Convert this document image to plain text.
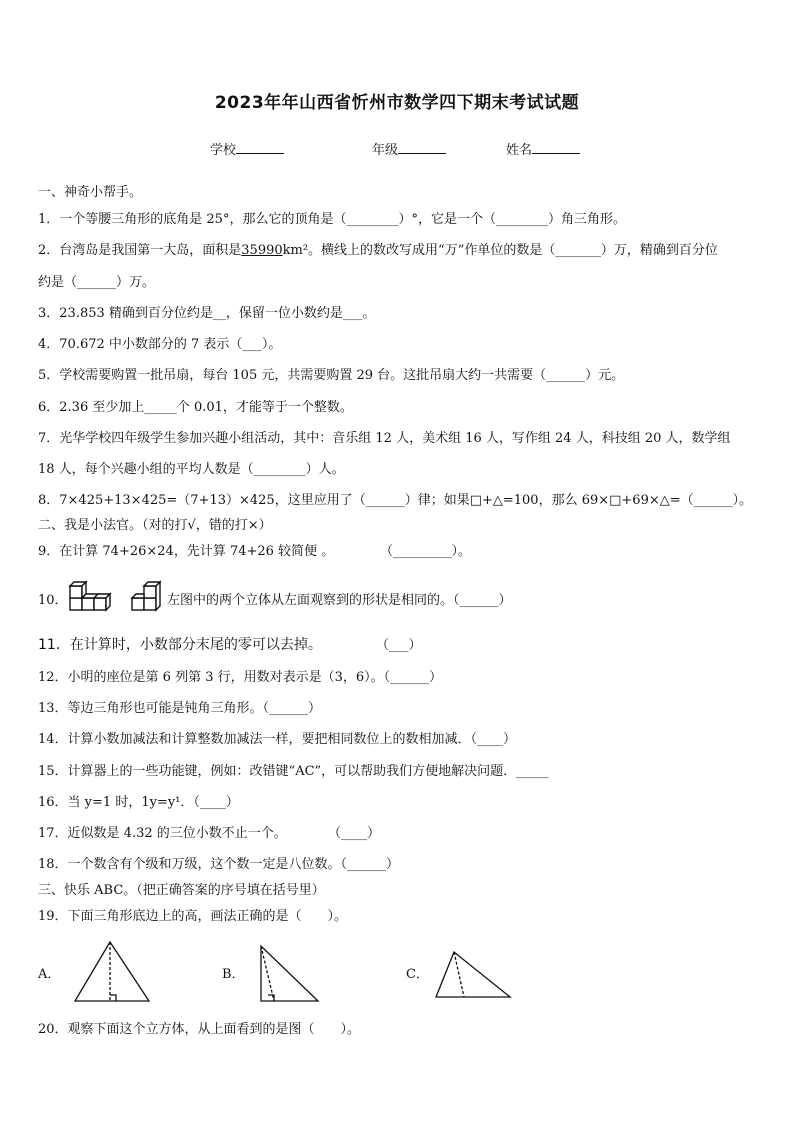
2023年年山西省忻州市数学四下期末考试试题
学校	年级	姓名
一、神奇小帮手。
1．一个等腰三角形的底角是 25°，那么它的顶角是（________）°，它是一个（________）角三角形。
2．台湾岛是我国第一大岛，面积是35990km²。横线上的数改写成用“万”作单位的数是（_______）万，精确到百分位
约是（______）万。
3．23.853 精确到百分位约是__，保留一位小数约是___。
4．70.672 中小数部分的 7 表示（___）。
5．学校需要购置一批吊扇，每台 105 元，共需要购置 29 台。这批吊扇大约一共需要（______）元。
6．2.36 至少加上_____个 0.01，才能等于一个整数。
7．光华学校四年级学生参加兴趣小组活动，其中：音乐组 12 人，美术组 16 人，写作组 24 人，科技组 20 人，数学组
18 人，每个兴趣小组的平均人数是（________）人。
8．7×425+13×425=（7+13）×425，这里应用了（______）律；如果□+△=100，那么 69×□+69×△=（______）。
二、我是小法官。（对的打√，错的打×）
9．在计算 74+26×24，先计算 74+26 较简便 。	（_________）。
10．	左图中的两个立体从左面观察到的形状是相同的。（______）
11．在计算时，小数部分末尾的零可以去掉。	（___）
12．小明的座位是第 6 列第 3 行，用数对表示是（3，6）。（______）
13．等边三角形也可能是钝角三角形。（______）
14．计算小数加减法和计算整数加减法一样，要把相同数位上的数相加减．（____）
15．计算器上的一些功能键，例如：改错键“AC”，可以帮助我们方便地解决问题．_____
16．当 y=1 时，1y=y¹．（____）
17．近似数是 4.32 的三位小数不止一个。	（____）
18．一个数含有个级和万级，这个数一定是八位数。（______）
三、快乐 ABC。（把正确答案的序号填在括号里）
19．下面三角形底边上的高，画法正确的是（　　）。
A．	B．	C．
20．观察下面这个立方体，从上面看到的是图（　　）。
